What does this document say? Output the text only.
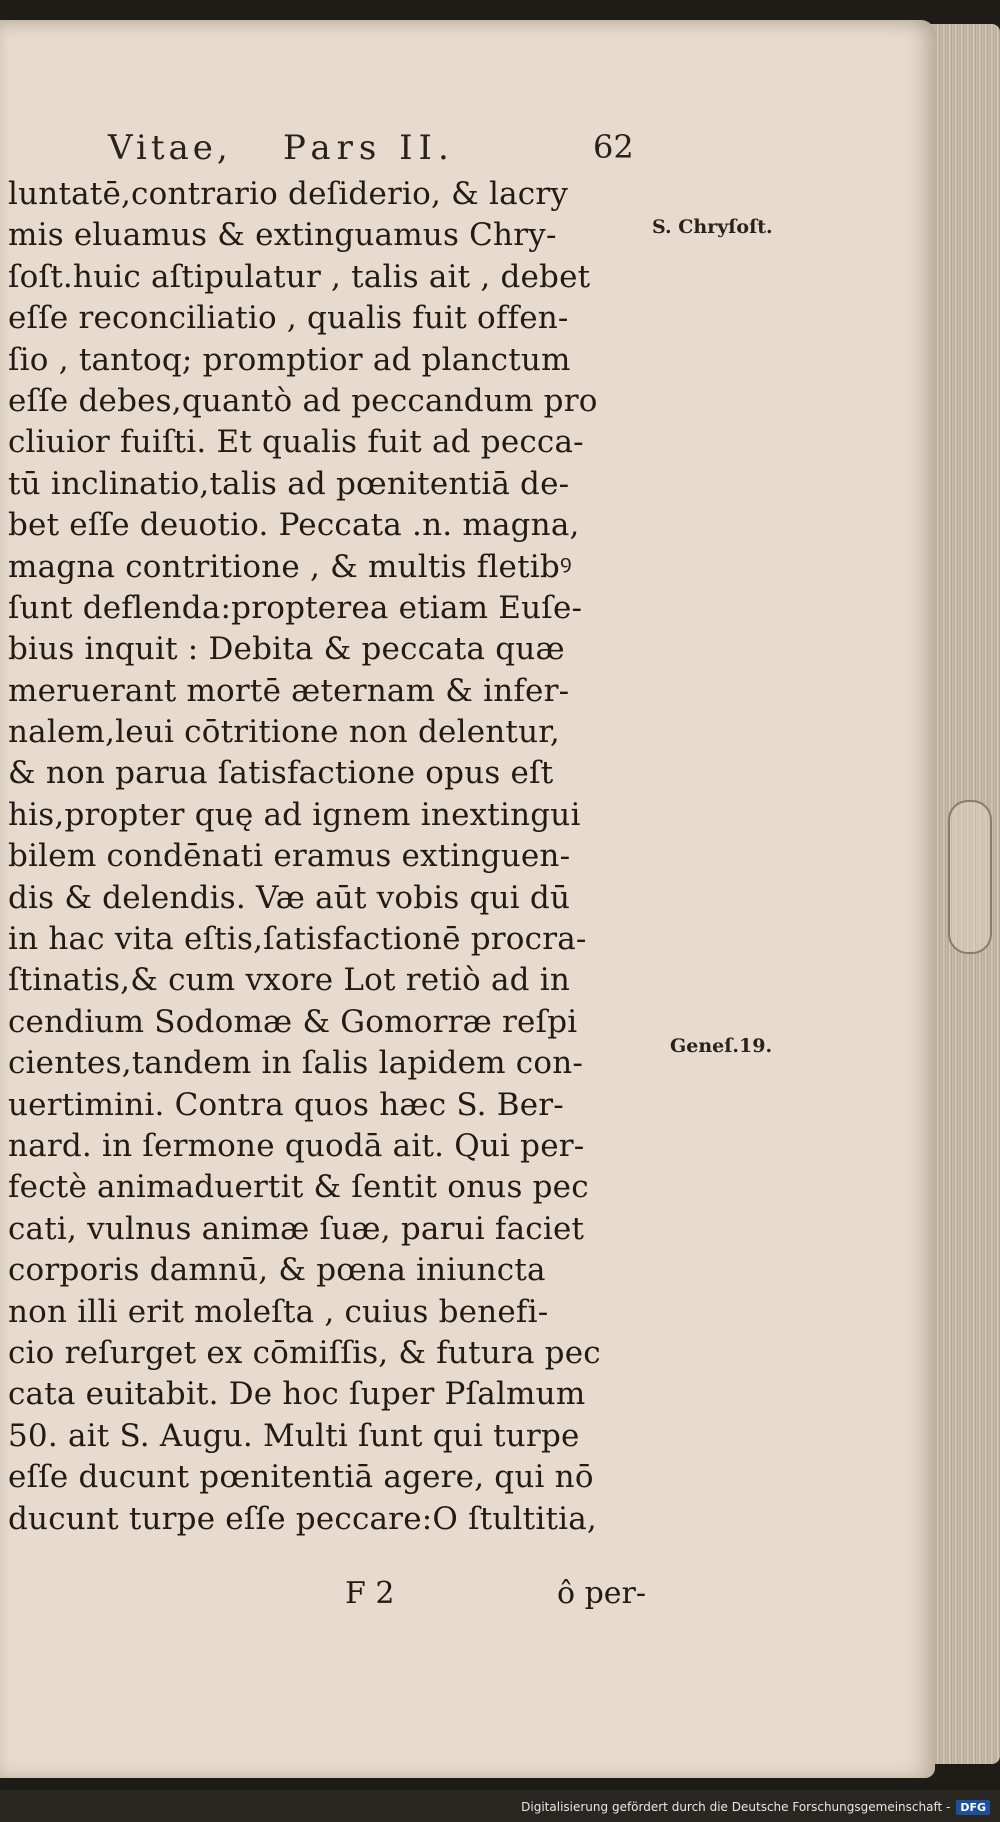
Vitae, Pars II.	62
luntatē,contrario deſiderio, & lacry
mis eluamus & extinguamus Chry-
ſoſt.huic aſtipulatur , talis ait , debet
eſſe reconciliatio , qualis fuit offen-
ſio , tantoq; promptior ad planctum
eſſe debes,quantò ad peccandum pro
cliuior fuiſti. Et qualis fuit ad pecca-
tū inclinatio,talis ad pœnitentiā de-
bet eſſe deuotio. Peccata .n. magna,
magna contritione , & multis fletibꝰ
ſunt deflenda:propterea etiam Euſe-
bius inquit : Debita & peccata quæ
meruerant mortē æternam & infer-
nalem,leui cōtritione non delentur,
& non parua ſatisfactione opus eſt
his,propter quę ad ignem inextingui
bilem condēnati eramus extinguen-
dis & delendis. Væ aūt vobis qui dū
in hac vita eſtis,ſatisfactionē procra-
ſtinatis,& cum vxore Lot retiò ad in
cendium Sodomæ & Gomorræ reſpi
cientes,tandem in ſalis lapidem con-
uertimini. Contra quos hæc S. Ber-
nard. in ſermone quodā ait. Qui per-
fectè animaduertit & ſentit onus pec
cati, vulnus animæ ſuæ, parui faciet
corporis damnū, & pœna iniuncta
non illi erit moleſta , cuius benefi-
cio reſurget ex cōmiſſis, & futura pec
cata euitabit. De hoc ſuper Pſalmum
50. ait S. Augu. Multi ſunt qui turpe
eſſe ducunt pœnitentiā agere, qui nō
ducunt turpe eſſe peccare:O ſtultitia,
S. Chryſoſt.
Geneſ.19.
F 2	ô per-
Digitalisierung gefördert durch die Deutsche Forschungsgemeinschaft - DFG
